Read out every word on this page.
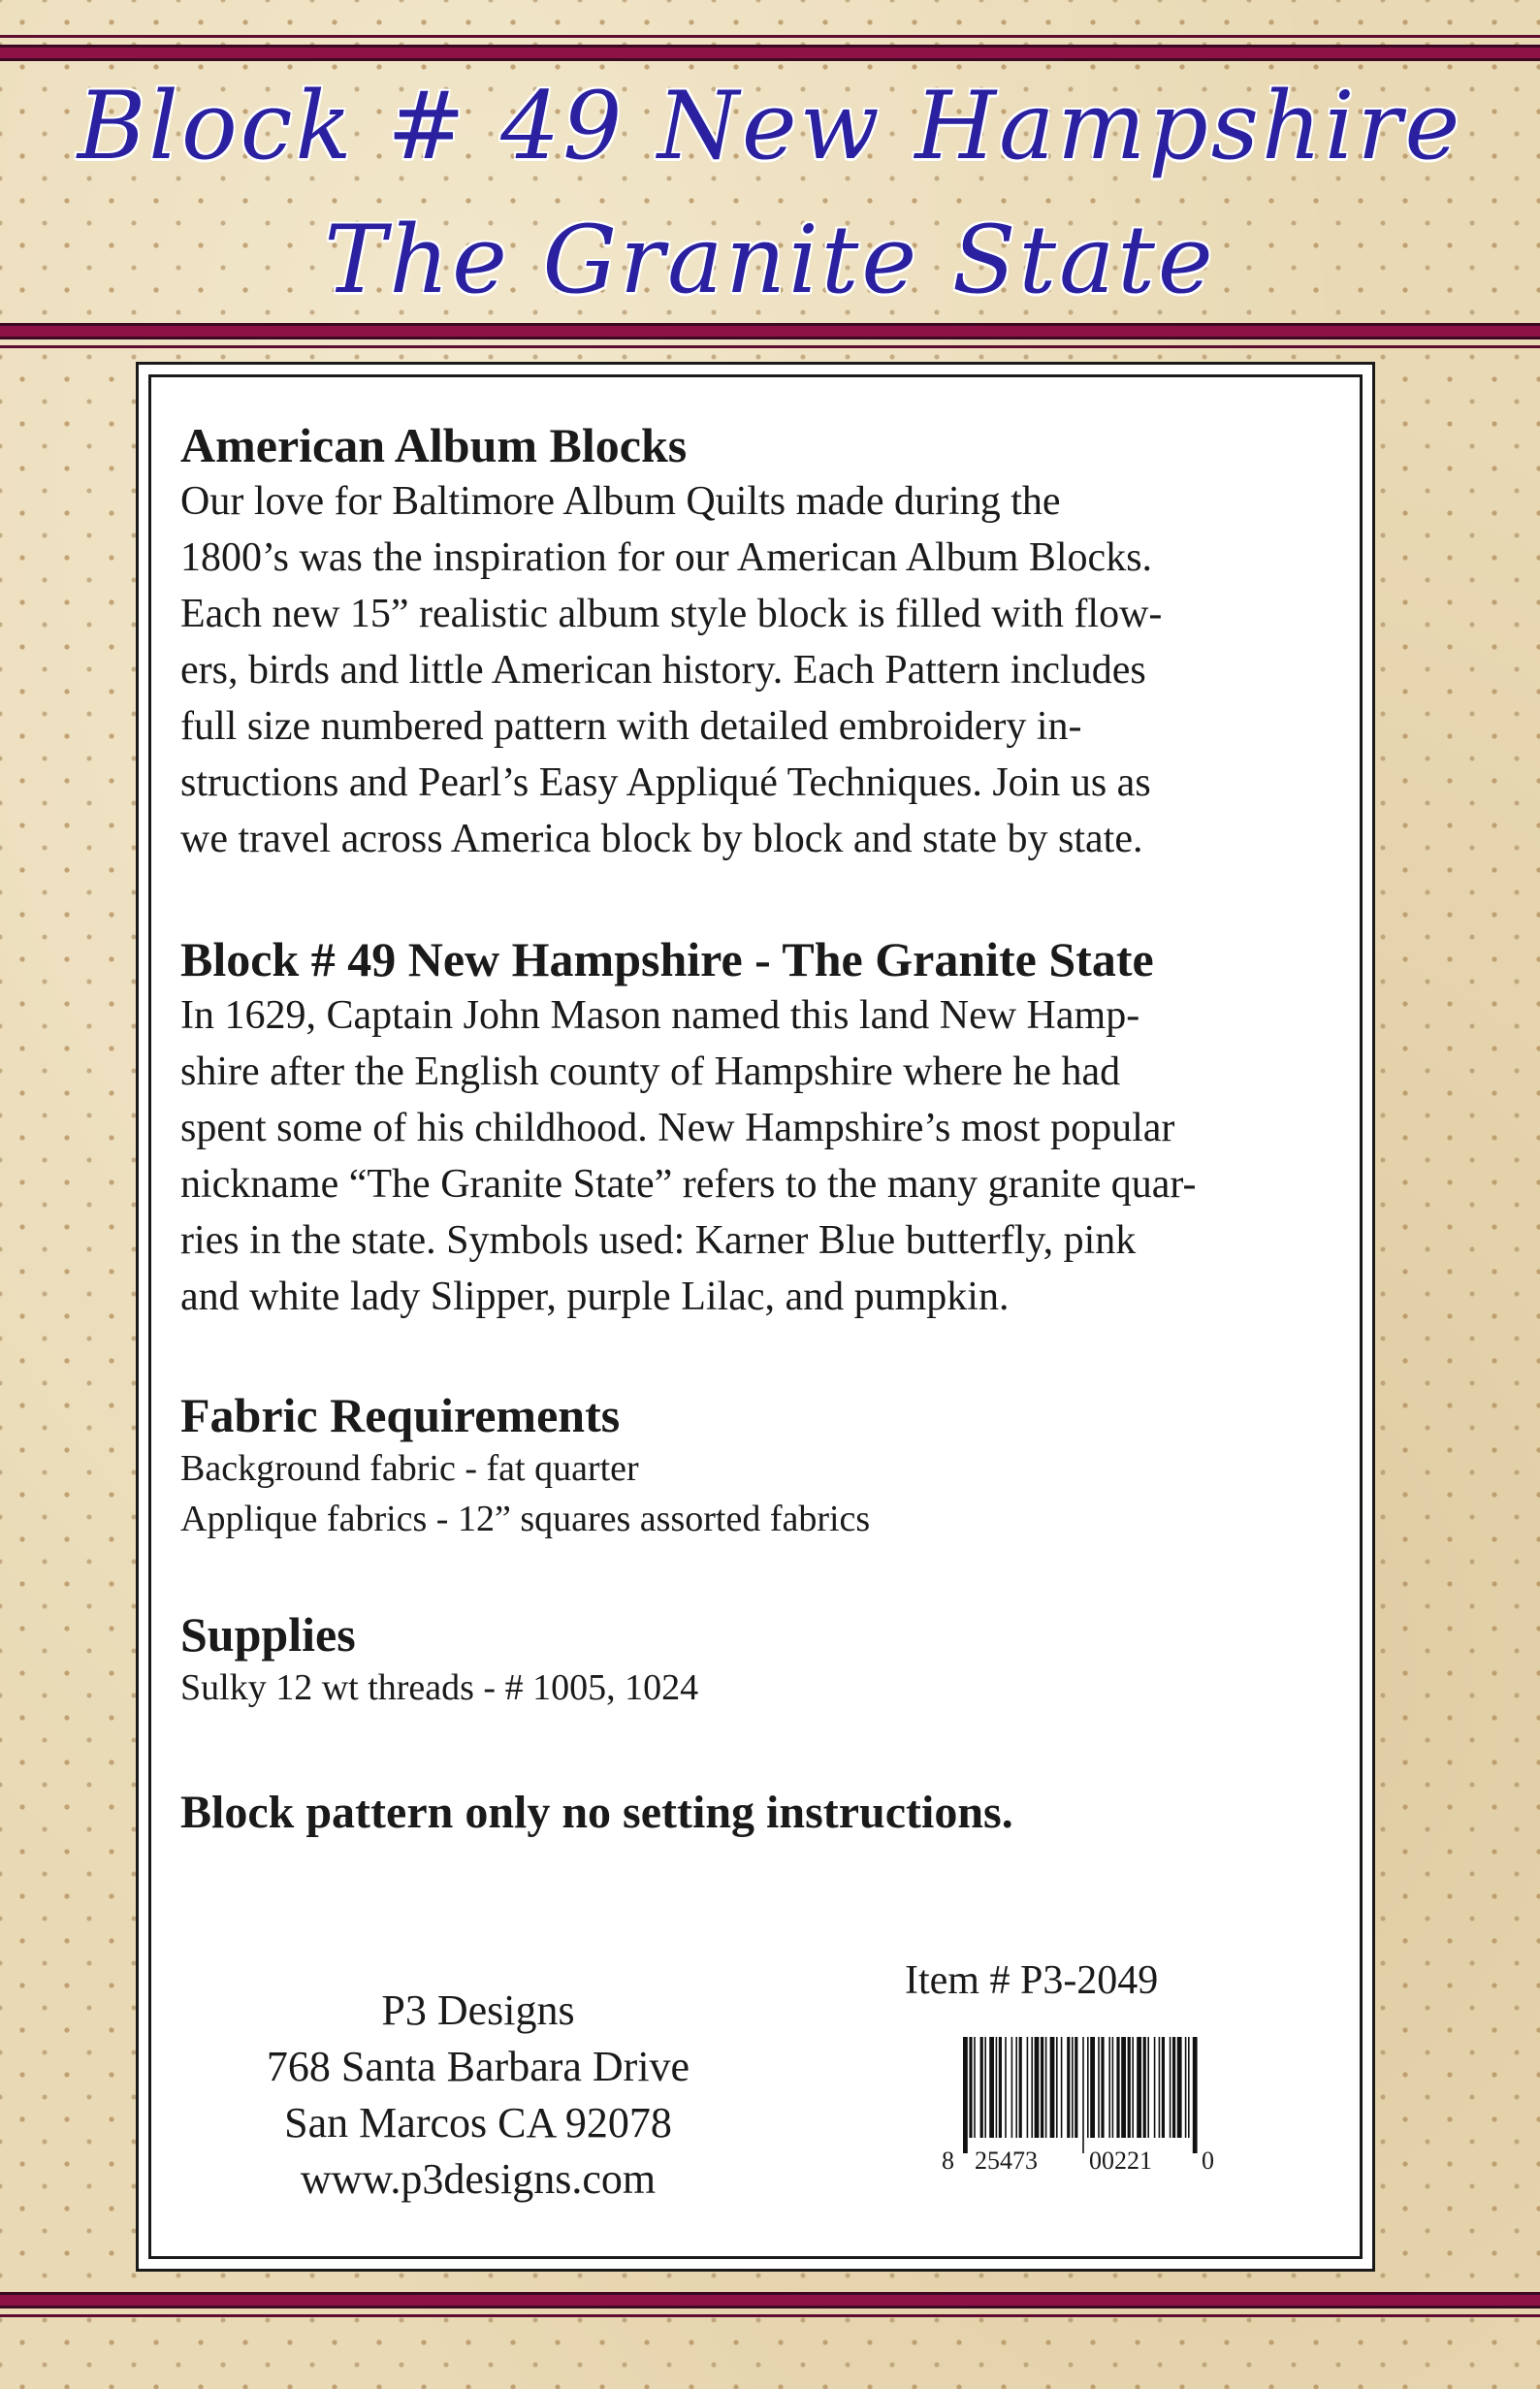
Block # 49 New Hampshire
The Granite State

American Album Blocks

Our love for Baltimore Album Quilts made during the

1800’s was the inspiration for our American Album Blocks.

Each new 15” realistic album style block is filled with flow-

ers, birds and little American history. Each Pattern includes

full size numbered pattern with detailed embroidery in-

structions and Pearl’s Easy Appliqué Techniques. Join us as

we travel across America block by block and state by state.

Block # 49 New Hampshire - The Granite State

In 1629, Captain John Mason named this land New Hamp-

shire after the English county of Hampshire where he had

spent some of his childhood. New Hampshire’s most popular

nickname “The Granite State” refers to the many granite quar-

ries in the state. Symbols used: Karner Blue butterfly, pink

and white lady Slipper, purple Lilac, and pumpkin.

Fabric Requirements

Background fabric - fat quarter

Applique fabrics - 12” squares assorted fabrics

Supplies

Sulky 12 wt threads - # 1005, 1024

Block pattern only no setting instructions.

P3 Designs
768 Santa Barbara Drive
San Marcos CA 92078
www.p3designs.com
Item # P3-2049
8 25473 00221 0
